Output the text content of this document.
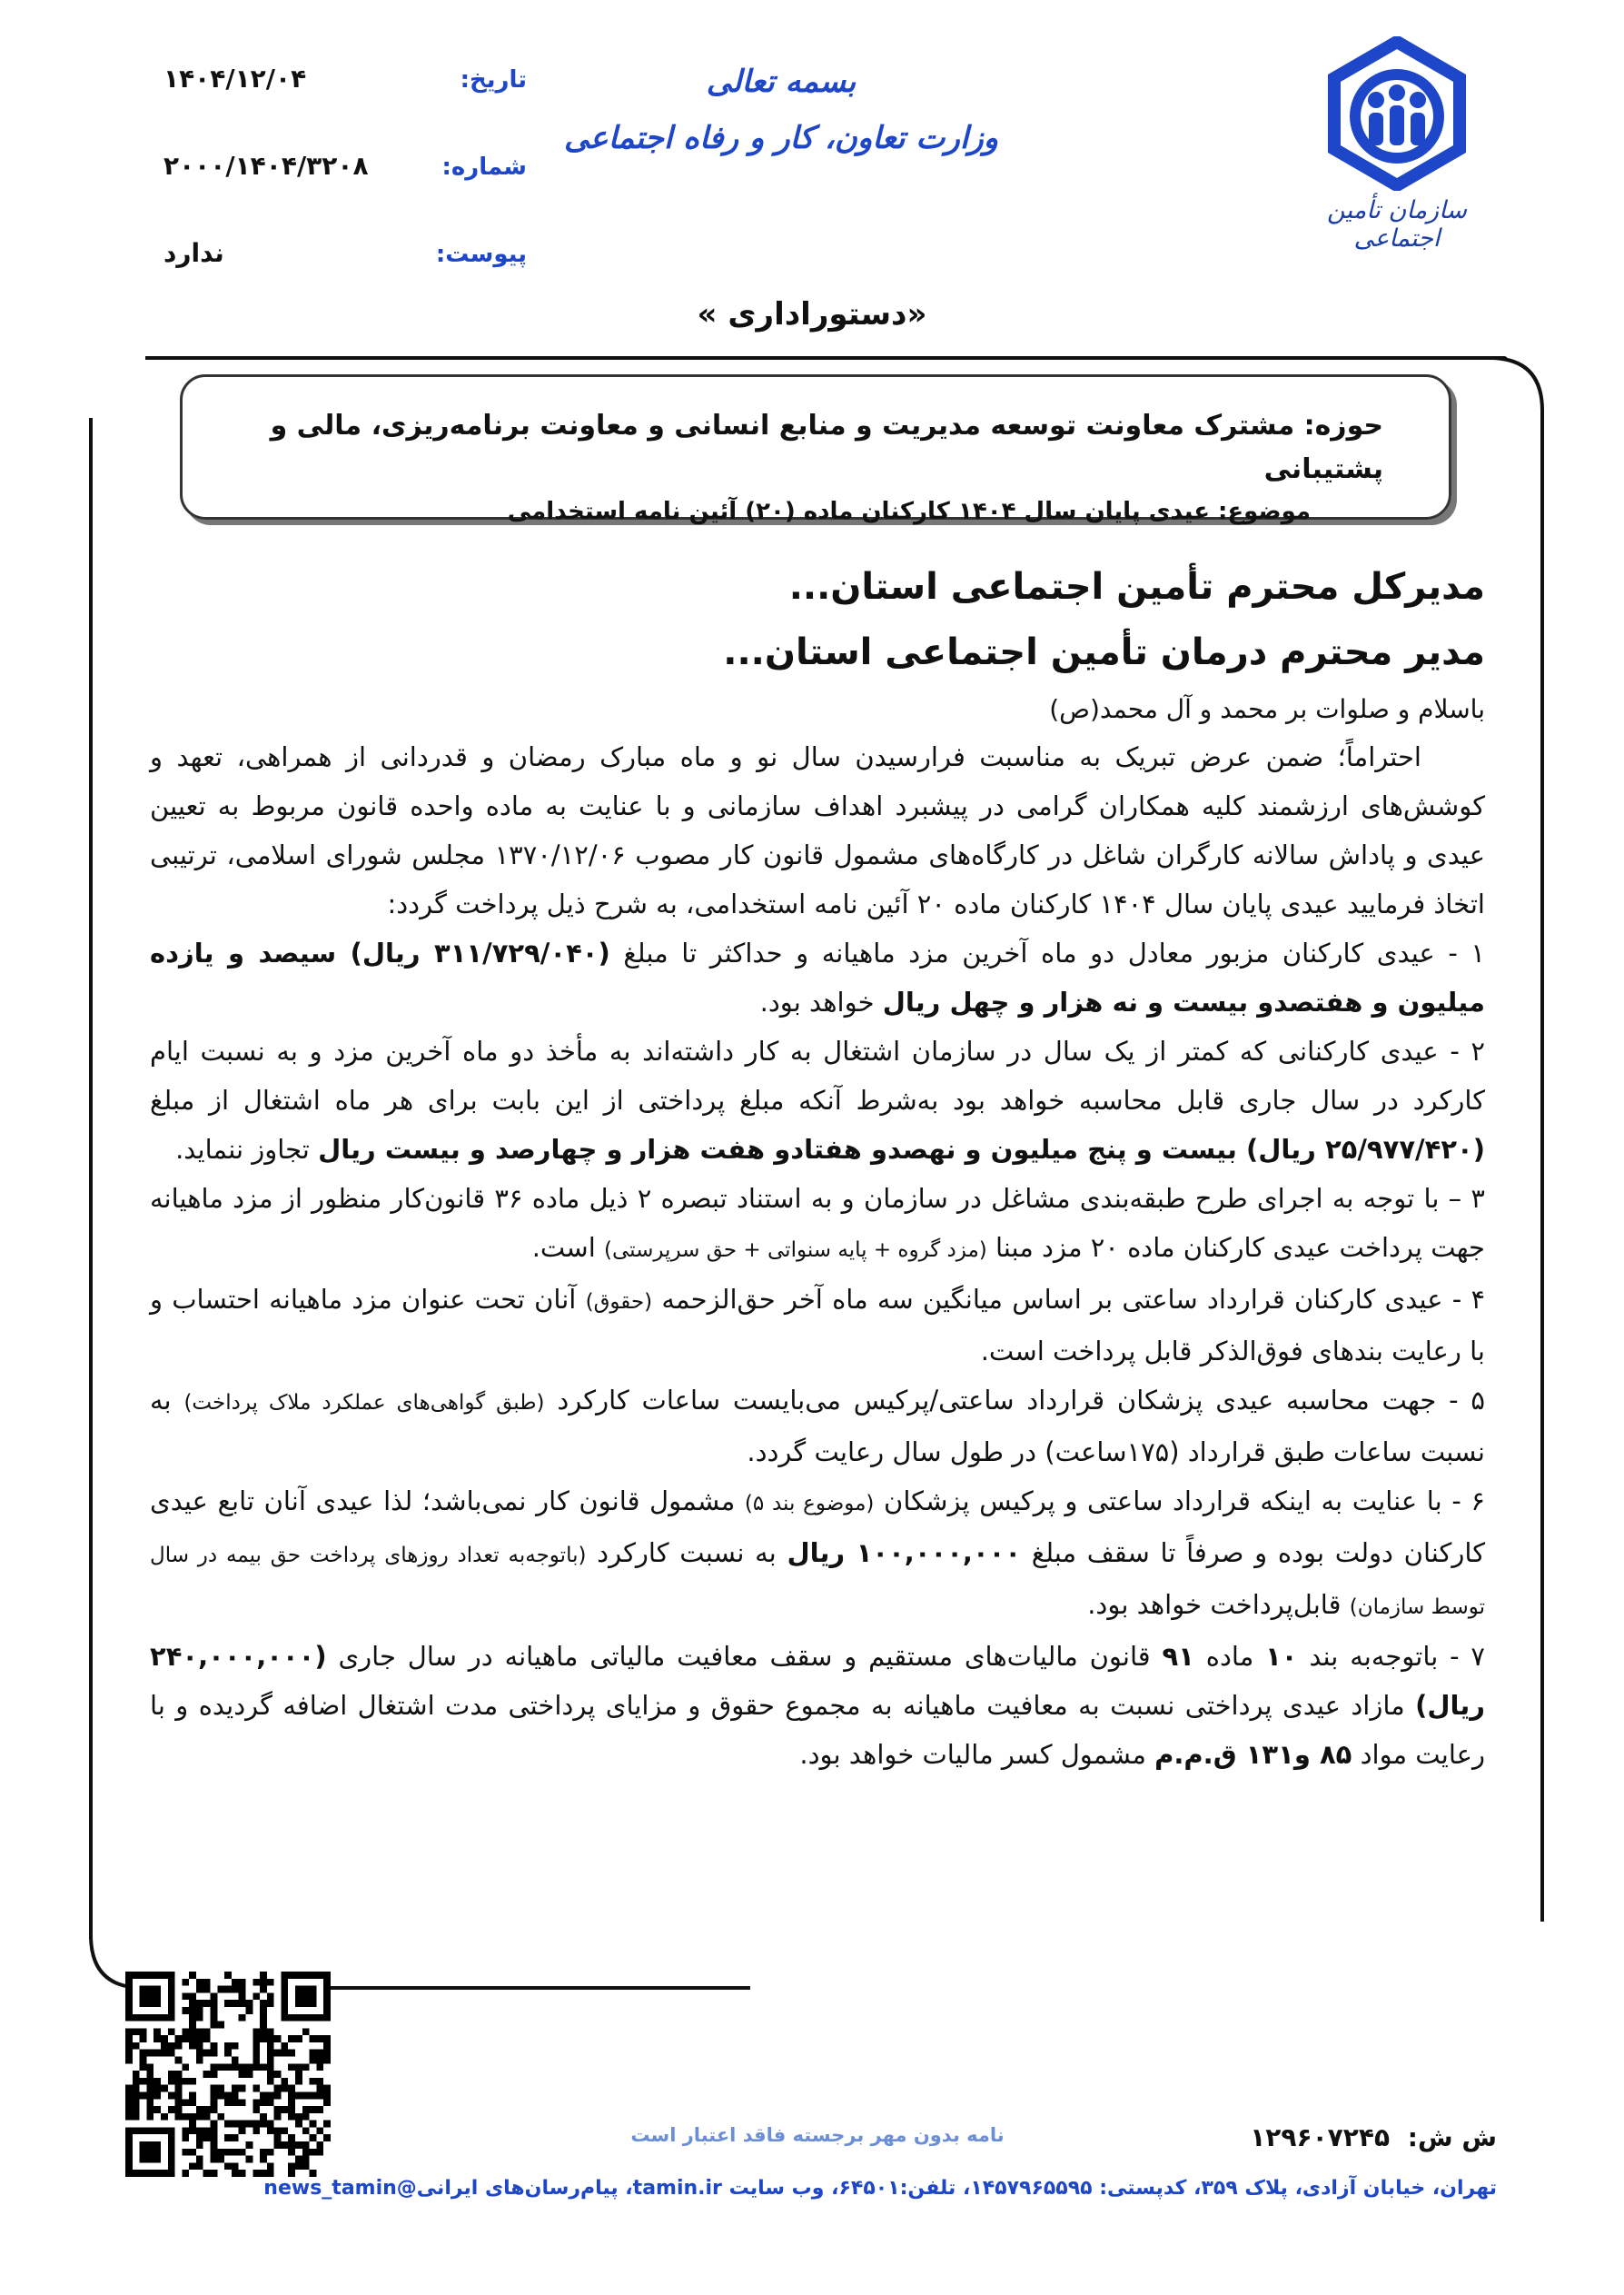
سازمان تأمین اجتماعی
بسمه تعالی
وزارت تعاون، کار و رفاه اجتماعی
تاریخ:
۱۴۰۴/۱۲/۰۴
شماره:
۲۰۰۰/۱۴۰۴/۳۲۰۸
پیوست:
ندارد
«دستوراداری »
حوزه: مشترک معاونت توسعه مدیریت و منابع انسانی و معاونت برنامه‌ریزی، مالی و پشتیبانی
موضوع: عیدی پایان سال ۱۴۰۴ کارکنان ماده (۲۰) آئین نامه استخدامی
مدیرکل محترم تأمین اجتماعی استان...
مدیر محترم درمان تأمین اجتماعی استان...
باسلام و صلوات بر محمد و آل محمد(ص)

احتراماً؛ ضمن عرض تبریک به مناسبت فرارسیدن سال نو و ماه مبارک رمضان و قدردانی از همراهی، تعهد و کوشش‌های ارزشمند کلیه همکاران گرامی در پیشبرد اهداف سازمانی و با عنایت به ماده واحده قانون مربوط به تعیین عیدی و پاداش سالانه کارگران شاغل در کارگاه‌های مشمول قانون کار مصوب ۱۳۷۰/۱۲/۰۶ مجلس شورای اسلامی، ترتیبی اتخاذ فرمایید عیدی پایان سال ۱۴۰۴ کارکنان ماده ۲۰ آئین نامه استخدامی، به شرح ذیل پرداخت گردد:

۱ - عیدی کارکنان مزبور معادل دو ماه آخرین مزد ماهیانه و حداکثر تا مبلغ (۳۱۱/۷۲۹/۰۴۰ ریال) سیصد و یازده میلیون و هفتصدو بیست و نه هزار و چهل ریال خواهد بود.

۲ - عیدی کارکنانی که کمتر از یک سال در سازمان اشتغال به کار داشته‌اند به مأخذ دو ماه آخرین مزد و به نسبت ایام کارکرد در سال جاری قابل محاسبه خواهد بود به‌شرط آنکه مبلغ پرداختی از این بابت برای هر ماه اشتغال از مبلغ (۲۵/۹۷۷/۴۲۰ ریال) بیست و پنج میلیون و نهصدو هفتادو هفت هزار و چهارصد و بیست ریال تجاوز ننماید.

۳ – با توجه به اجرای طرح طبقه‌بندی مشاغل در سازمان و به استناد تبصره ۲ ذیل ماده ۳۶ قانون‌کار منظور از مزد ماهیانه جهت پرداخت عیدی کارکنان ماده ۲۰ مزد مبنا (مزد گروه + پایه سنواتی + حق سرپرستی) است.

۴ - عیدی کارکنان قرارداد ساعتی بر اساس میانگین سه ماه آخر حق‌الزحمه (حقوق) آنان تحت عنوان مزد ماهیانه احتساب و با رعایت بندهای فوق‌الذکر قابل پرداخت است.

۵ - جهت محاسبه عیدی پزشکان قرارداد ساعتی/پرکیس می‌بایست ساعات کارکرد (طبق گواهی‌های عملکرد ملاک پرداخت) به نسبت ساعات طبق قرارداد (۱۷۵ساعت) در طول سال رعایت گردد.

۶ - با عنایت به اینکه قرارداد ساعتی و پرکیس پزشکان (موضوع بند ۵) مشمول قانون کار نمی‌باشد؛ لذا عیدی آنان تابع عیدی کارکنان دولت بوده و صرفاً تا سقف مبلغ ۱۰۰,۰۰۰,۰۰۰ ریال به نسبت کارکرد (باتوجه‌به تعداد روزهای پرداخت حق بیمه در سال توسط سازمان) قابل‌پرداخت خواهد بود.

۷ - باتوجه‌به بند ۱۰ ماده ۹۱ قانون مالیات‌های مستقیم و سقف معافیت مالیاتی ماهیانه در سال جاری (۲۴۰,۰۰۰,۰۰۰ ریال) مازاد عیدی پرداختی نسبت به معافیت ماهیانه به مجموع حقوق و مزایای پرداختی مدت اشتغال اضافه گردیده و با رعایت مواد ۸۵ و۱۳۱ ق.م.م مشمول کسر مالیات خواهد بود.

نامه بدون مهر برجسته فاقد اعتبار است	ش ش: ۱۲۹۶۰۷۲۴۵
تهران، خیابان آزادی، پلاک ۳۵۹، کدپستی: ۱۴۵۷۹۶۵۵۹۵، تلفن:۶۴۵۰۱، وب سایت tamin.ir، پیام‌رسان‌های ایرانی@news_tamin
